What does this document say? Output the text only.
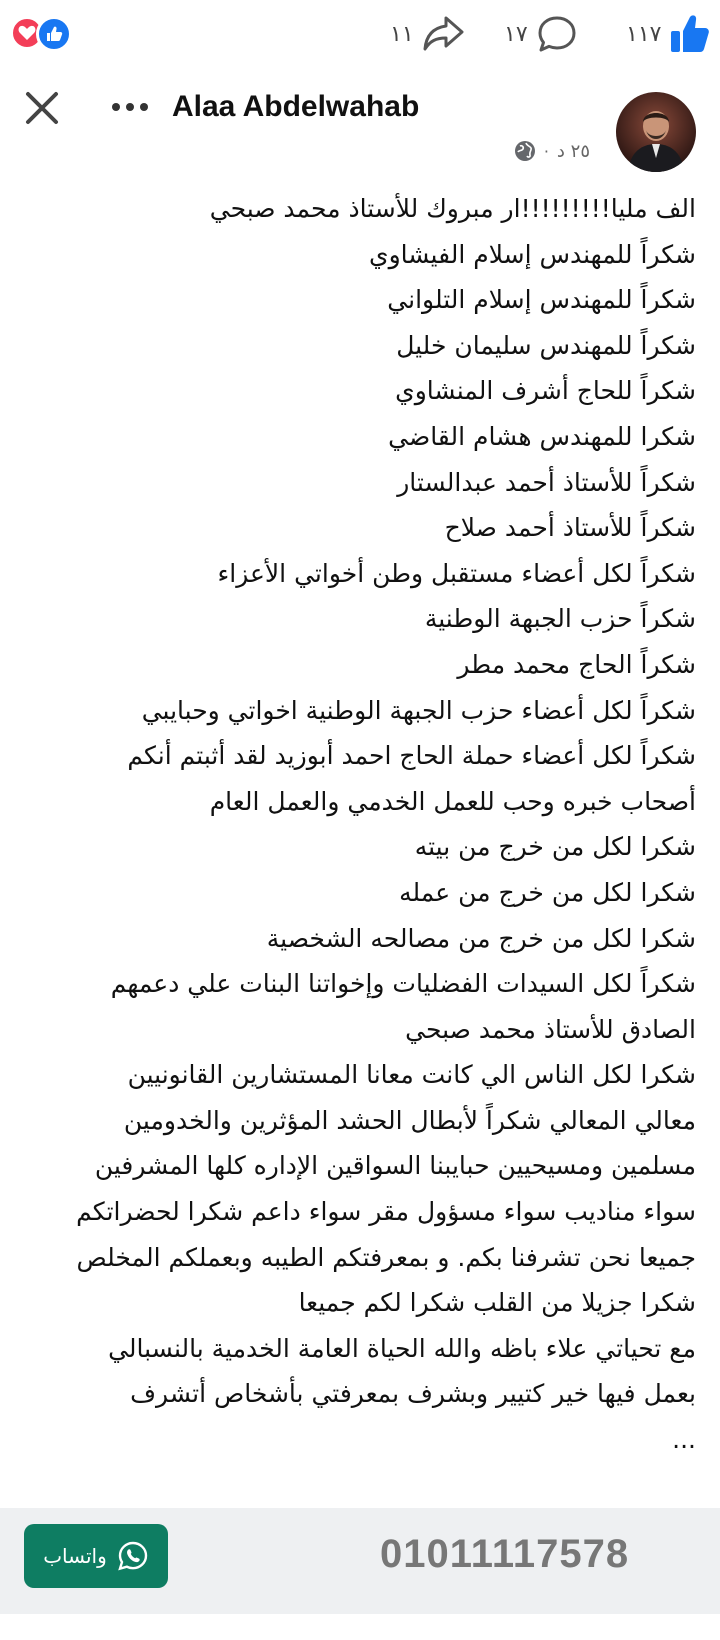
١١	١٧	١١٧
Alaa Abdelwahab
٢٥ د
·
الف مليا!!!!!!!!!ار مبروك للأستاذ محمد صبحي
شكراً للمهندس إسلام الفيشاوي
شكراً للمهندس إسلام التلواني
شكراً للمهندس سليمان خليل
شكراً للحاج أشرف المنشاوي
شكرا للمهندس هشام القاضي
شكراً للأستاذ أحمد عبدالستار
شكراً للأستاذ أحمد صلاح
شكراً لكل أعضاء مستقبل وطن أخواتي الأعزاء
شكراً حزب الجبهة الوطنية
شكراً الحاج محمد مطر
شكراً لكل أعضاء حزب الجبهة الوطنية اخواتي وحبايبي
شكراً لكل أعضاء حملة الحاج احمد أبوزيد لقد أثبتم أنكم
أصحاب خبره وحب للعمل الخدمي والعمل العام
شكرا لكل من خرج من بيته
شكرا لكل من خرج من عمله
شكرا لكل من خرج من مصالحه الشخصية
شكراً لكل السيدات الفضليات وإخواتنا البنات علي دعمهم
الصادق للأستاذ محمد صبحي
شكرا لكل الناس الي كانت معانا المستشارين القانونيين
معالي المعالي شكراً لأبطال الحشد المؤثرين والخدومين
مسلمين ومسيحيين حبايبنا السواقين الإداره كلها المشرفين
سواء مناديب سواء مسؤول مقر سواء داعم شكرا لحضراتكم
جميعا نحن تشرفنا بكم. و بمعرفتكم الطيبه وبعملكم المخلص
شكرا جزيلا من القلب شكرا لكم جميعا
مع تحياتي علاء باظه والله الحياة العامة الخدمية بالنسبالي
بعمل فيها خير كتيير وبشرف بمعرفتي بأشخاص أتشرف
...
واتساب	01011117578
